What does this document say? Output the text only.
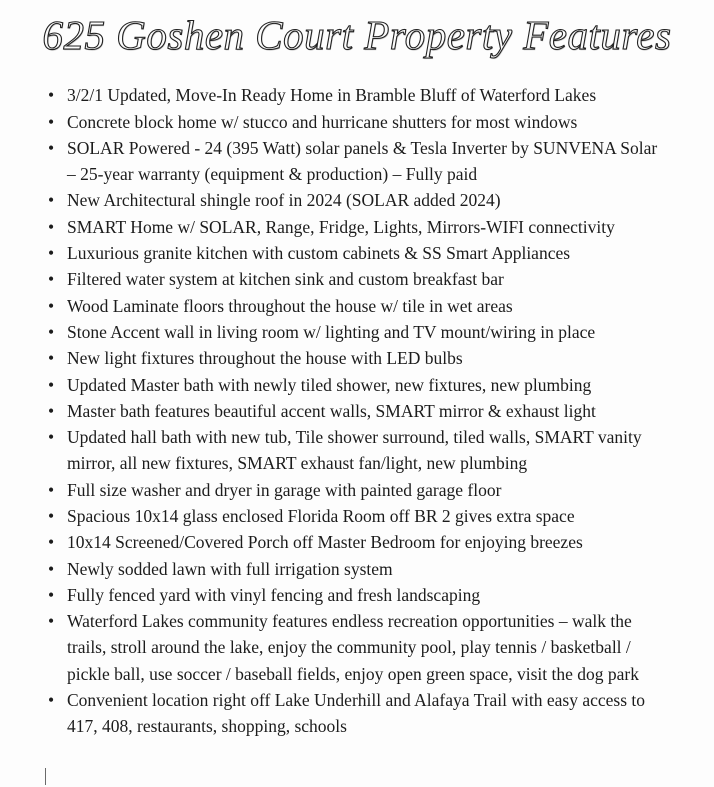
625 Goshen Court Property Features
• 3/2/1 Updated, Move-In Ready Home in Bramble Bluff of Waterford Lakes
• Concrete block home w/ stucco and hurricane shutters for most windows
• SOLAR Powered - 24 (395 Watt) solar panels & Tesla Inverter by SUNVENA Solar – 25-year warranty (equipment & production) – Fully paid
• New Architectural shingle roof in 2024 (SOLAR added 2024)
• SMART Home w/ SOLAR, Range, Fridge, Lights, Mirrors-WIFI connectivity
• Luxurious granite kitchen with custom cabinets & SS Smart Appliances
• Filtered water system at kitchen sink and custom breakfast bar
• Wood Laminate floors throughout the house w/ tile in wet areas
• Stone Accent wall in living room w/ lighting and TV mount/wiring in place
• New light fixtures throughout the house with LED bulbs
• Updated Master bath with newly tiled shower, new fixtures, new plumbing
• Master bath features beautiful accent walls, SMART mirror & exhaust light
• Updated hall bath with new tub, Tile shower surround, tiled walls, SMART vanity mirror, all new fixtures, SMART exhaust fan/light, new plumbing
• Full size washer and dryer in garage with painted garage floor
• Spacious 10x14 glass enclosed Florida Room off BR 2 gives extra space
• 10x14 Screened/Covered Porch off Master Bedroom for enjoying breezes
• Newly sodded lawn with full irrigation system
• Fully fenced yard with vinyl fencing and fresh landscaping
• Waterford Lakes community features endless recreation opportunities – walk the trails, stroll around the lake, enjoy the community pool, play tennis / basketball / pickle ball, use soccer / baseball fields, enjoy open green space, visit the dog park
• Convenient location right off Lake Underhill and Alafaya Trail with easy access to 417, 408, restaurants, shopping, schools
